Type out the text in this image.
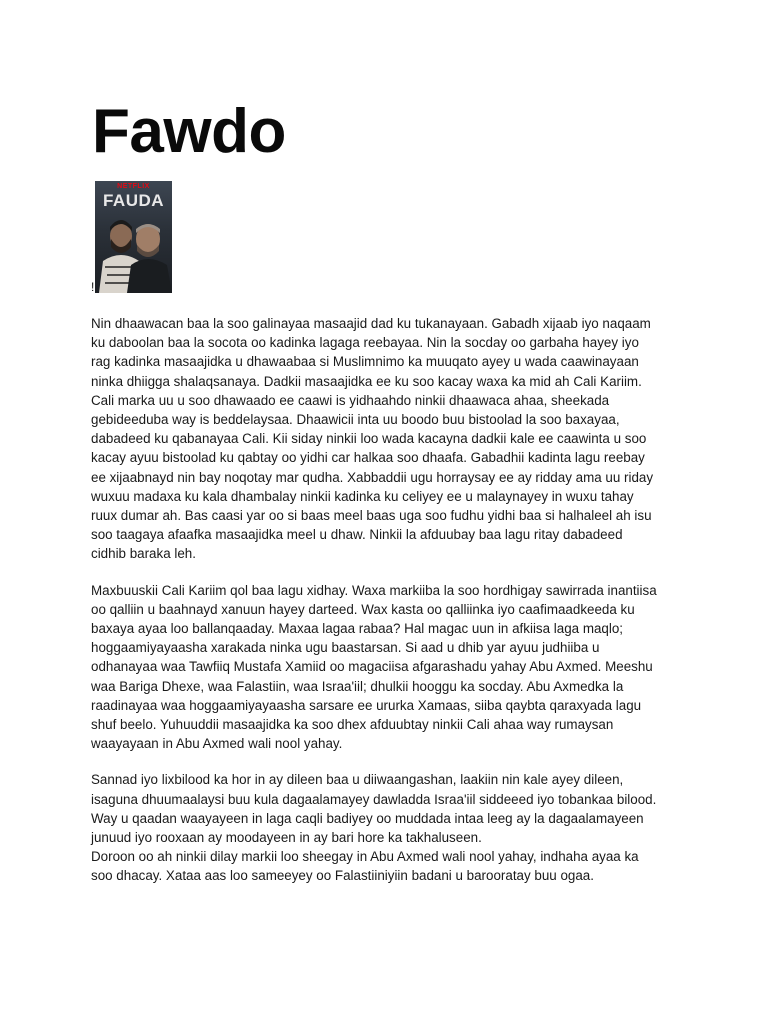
Fawdo
NETFLIX
FAUDA
!

Nin dhaawacan baa la soo galinayaa masaajid dad ku tukanayaan. Gabadh xijaab iyo naqaam
ku daboolan baa la socota oo kadinka lagaga reebayaa. Nin la socday oo garbaha hayey iyo
rag kadinka masaajidka u dhawaabaa si Muslimnimo ka muuqato ayey u wada caawinayaan
ninka dhiigga shalaqsanaya. Dadkii masaajidka ee ku soo kacay waxa ka mid ah Cali Kariim.
Cali marka uu u soo dhawaado ee caawi is yidhaahdo ninkii dhaawaca ahaa, sheekada
gebideeduba way is beddelaysaa. Dhaawicii inta uu boodo buu bistoolad la soo baxayaa,
dabadeed ku qabanayaa Cali. Kii siday ninkii loo wada kacayna dadkii kale ee caawinta u soo
kacay ayuu bistoolad ku qabtay oo yidhi car halkaa soo dhaafa. Gabadhii kadinta lagu reebay
ee xijaabnayd nin bay noqotay mar qudha. Xabbaddii ugu horraysay ee ay ridday ama uu riday
wuxuu madaxa ku kala dhambalay ninkii kadinka ku celiyey ee u malaynayey in wuxu tahay
ruux dumar ah. Bas caasi yar oo si baas meel baas uga soo fudhu yidhi baa si halhaleel ah isu
soo taagaya afaafka masaajidka meel u dhaw. Ninkii la afduubay baa lagu ritay dabadeed
cidhib baraka leh.

Maxbuuskii Cali Kariim qol baa lagu xidhay. Waxa markiiba la soo hordhigay sawirrada inantiisa
oo qalliin u baahnayd xanuun hayey darteed. Wax kasta oo qalliinka iyo caafimaadkeeda ku
baxaya ayaa loo ballanqaaday. Maxaa lagaa rabaa? Hal magac uun in afkiisa laga maqlo;
hoggaamiyayaasha xarakada ninka ugu baastarsan. Si aad u dhib yar ayuu judhiiba u
odhanayaa waa Tawfiiq Mustafa Xamiid oo magaciisa afgarashadu yahay Abu Axmed. Meeshu
waa Bariga Dhexe, waa Falastiin, waa Israa'iil; dhulkii hooggu ka socday. Abu Axmedka la
raadinayaa waa hoggaamiyayaasha sarsare ee ururka Xamaas, siiba qaybta qaraxyada lagu
shuf beelo. Yuhuuddii masaajidka ka soo dhex afduubtay ninkii Cali ahaa way rumaysan
waayayaan in Abu Axmed wali nool yahay.

Sannad iyo lixbilood ka hor in ay dileen baa u diiwaangashan, laakiin nin kale ayey dileen,
isaguna dhuumaalaysi buu kula dagaalamayey dawladda Israa'iil siddeeed iyo tobankaa bilood.
Way u qaadan waayayeen in laga caqli badiyey oo muddada intaa leeg ay la dagaalamayeen
junuud iyo rooxaan ay moodayeen in ay bari hore ka takhaluseen.

Doroon oo ah ninkii dilay markii loo sheegay in Abu Axmed wali nool yahay, indhaha ayaa ka
soo dhacay. Xataa aas loo sameeyey oo Falastiiniyiin badani u barooratay buu ogaa.
